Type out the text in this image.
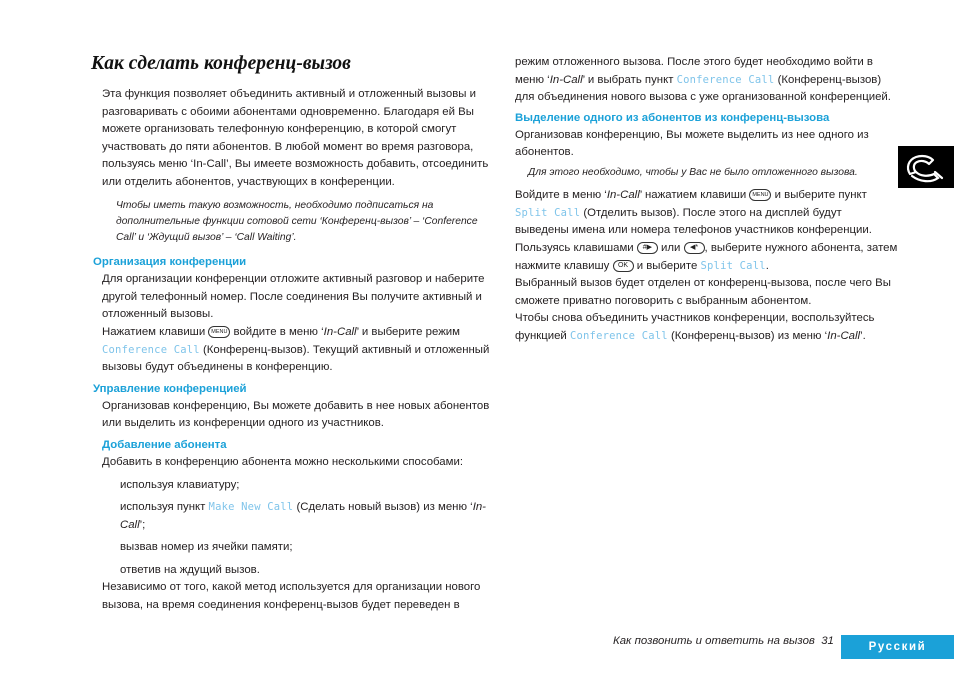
Как сделать конференц-вызов

Эта функция позволяет объединить активный и отложенный вызовы и разговаривать с обоими абонентами одновременно. Благодаря ей Вы можете организовать телефонную конференцию, в которой смогут участвовать до пяти абонентов. В любой момент во время разговора, пользуясь меню ‘In-Call’, Вы имеете возможность добавить, отсоединить или отделить абонентов, участвующих в конференции.

Чтобы иметь такую возможность, необходимо подписаться на дополнительные функции сотовой сети ‘Конференц-вызов’ – ‘Conference Call’ и ‘Ждущий вызов’ – ‘Call Waiting’.

Организация конференции

Для организации конференции отложите активный разговор и наберите другой телефонный номер. После соединения Вы получите активный и отложенный вызовы.

Нажатием клавиши MENU войдите в меню ‘In-Call’ и выберите режим
Conference Call (Конференц-вызов). Текущий активный и отложенный вызовы будут объединены в конференцию.

Управление конференцией

Организовав конференцию, Вы можете добавить в нее новых абонентов или выделить из конференции одного из участников.

Добавление абонента

Добавить в конференцию абонента можно несколькими способами:

используя клавиатуру;

используя пункт Make New Call (Сделать новый вызов) из меню ‘In-Call’;

вызвав номер из ячейки памяти;

ответив на ждущий вызов.

Независимо от того, какой метод используется для организации нового вызова, на время соединения конференц-вызов будет переведен в

режим отложенного вызова. После этого будет необходимо войти в меню ‘In-Call’ и выбрать пункт Conference Call (Конференц-вызов) для объединения нового вызова с уже организованной конференцией.

Выделение одного из абонентов из конференц-вызова

Организовав конференцию, Вы можете выделить из нее одного из абонентов.

Для этого необходимо, чтобы у Вас не было отложенного вызова.

Войдите в меню ‘In-Call’ нажатием клавиши MENU и выберите пункт Split Call (Отделить вызов). После этого на дисплей будут выведены имена или номера телефонов участников конференции. Пользуясь клавишами #▶ или ◀* , выберите нужного абонента, затем нажмите клавишу OK и выберите Split Call.

Выбранный вызов будет отделен от конференц-вызова, после чего Вы сможете приватно поговорить с выбранным абонентом.

Чтобы снова объединить участников конференции, воспользуйтесь функцией Conference Call (Конференц-вызов) из меню ‘In-Call’.

Как позвонить и ответить на вызов 31	Русский
